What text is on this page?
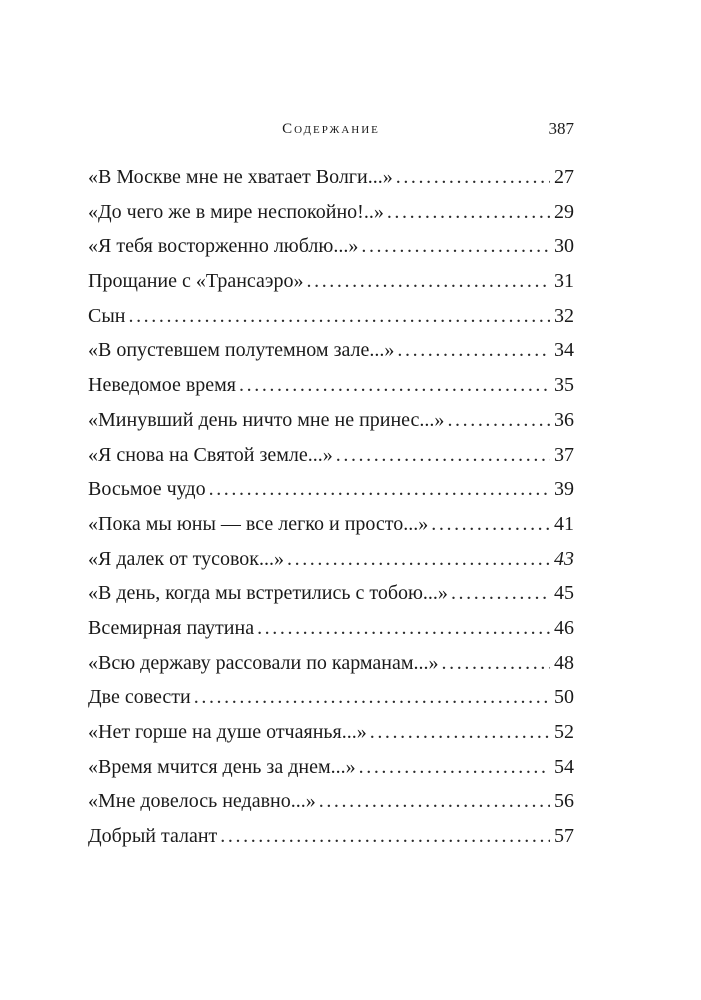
Содержание	387
«В Москве мне не хватает Волги...» .....	27
«До чего же в мире неспокойно!..» .....	29
«Я тебя восторженно люблю...» .....	30
Прощание с «Трансаэро» .....	31
Сын .....	32
«В опустевшем полутемном зале...» .....	34
Неведомое время .....	35
«Минувший день ничто мне не принес...» .....	36
«Я снова на Святой земле...» .....	37
Восьмое чудо .....	39
«Пока мы юны — все легко и просто...» .....	41
«Я далек от тусовок...» .....	43
«В день, когда мы встретились с тобою...» .....	45
Всемирная паутина .....	46
«Всю державу рассовали по карманам...» .....	48
Две совести .....	50
«Нет горше на душе отчаянья...» .....	52
«Время мчится день за днем...» .....	54
«Мне довелось недавно...» .....	56
Добрый талант .....	57
